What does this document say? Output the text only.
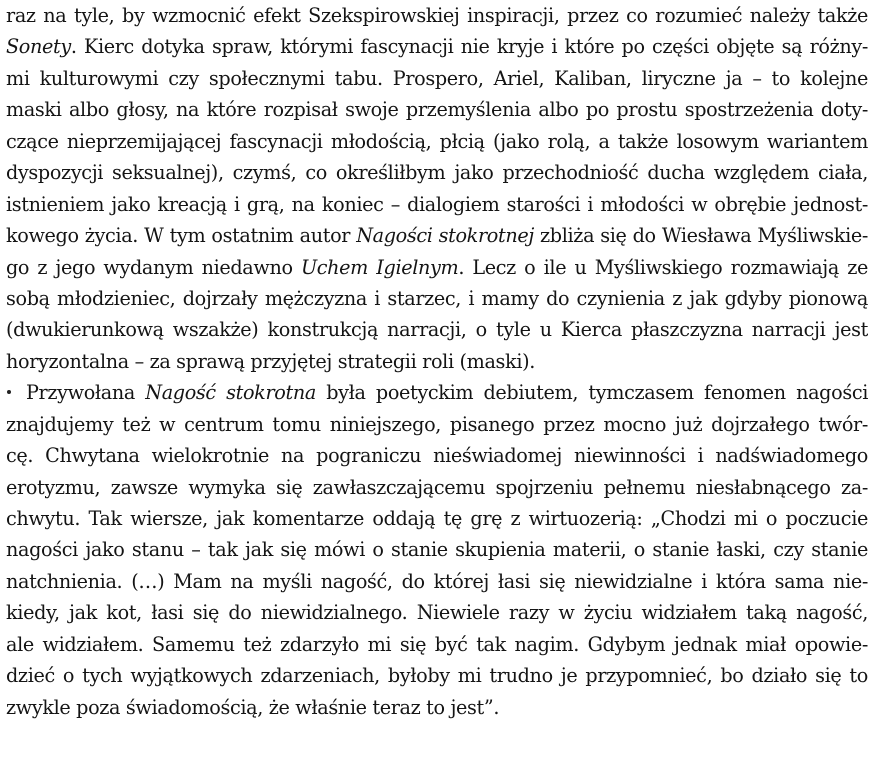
raz na tyle, by wzmocnić efekt Szekspirowskiej inspiracji, przez co rozumieć należy także
Sonety. Kierc dotyka spraw, którymi fascynacji nie kryje i które po części objęte są różny-
mi kulturowymi czy społecznymi tabu. Prospero, Ariel, Kaliban, liryczne ja – to kolejne
maski albo głosy, na które rozpisał swoje przemyślenia albo po prostu spostrzeżenia doty-
czące nieprzemijającej fascynacji młodością, płcią (jako rolą, a także losowym wariantem
dyspozycji seksualnej), czymś, co określiłbym jako przechodniość ducha względem ciała,
istnieniem jako kreacją i grą, na koniec – dialogiem starości i młodości w obrębie jednost-
kowego życia. W tym ostatnim autor Nagości stokrotnej zbliża się do Wiesława Myśliwskie-
go z jego wydanym niedawno Uchem Igielnym. Lecz o ile u Myśliwskiego rozmawiają ze
sobą młodzieniec, dojrzały mężczyzna i starzec, i mamy do czynienia z jak gdyby pionową
(dwukierunkową wszakże) konstrukcją narracji, o tyle u Kierca płaszczyzna narracji jest
horyzontalna – za sprawą przyjętej strategii roli (maski).
Przywołana Nagość stokrotna była poetyckim debiutem, tymczasem fenomen nagości
znajdujemy też w centrum tomu niniejszego, pisanego przez mocno już dojrzałego twór-
cę. Chwytana wielokrotnie na pograniczu nieświadomej niewinności i nadświadomego
erotyzmu, zawsze wymyka się zawłaszczającemu spojrzeniu pełnemu niesłabnącego za-
chwytu. Tak wiersze, jak komentarze oddają tę grę z wirtuozerią: „Chodzi mi o poczucie
nagości jako stanu – tak jak się mówi o stanie skupienia materii, o stanie łaski, czy stanie
natchnienia. (…) Mam na myśli nagość, do której łasi się niewidzialne i która sama nie-
kiedy, jak kot, łasi się do niewidzialnego. Niewiele razy w życiu widziałem taką nagość,
ale widziałem. Samemu też zdarzyło mi się być tak nagim. Gdybym jednak miał opowie-
dzieć o tych wyjątkowych zdarzeniach, byłoby mi trudno je przypomnieć, bo działo się to
zwykle poza świadomością, że właśnie teraz to jest”.
